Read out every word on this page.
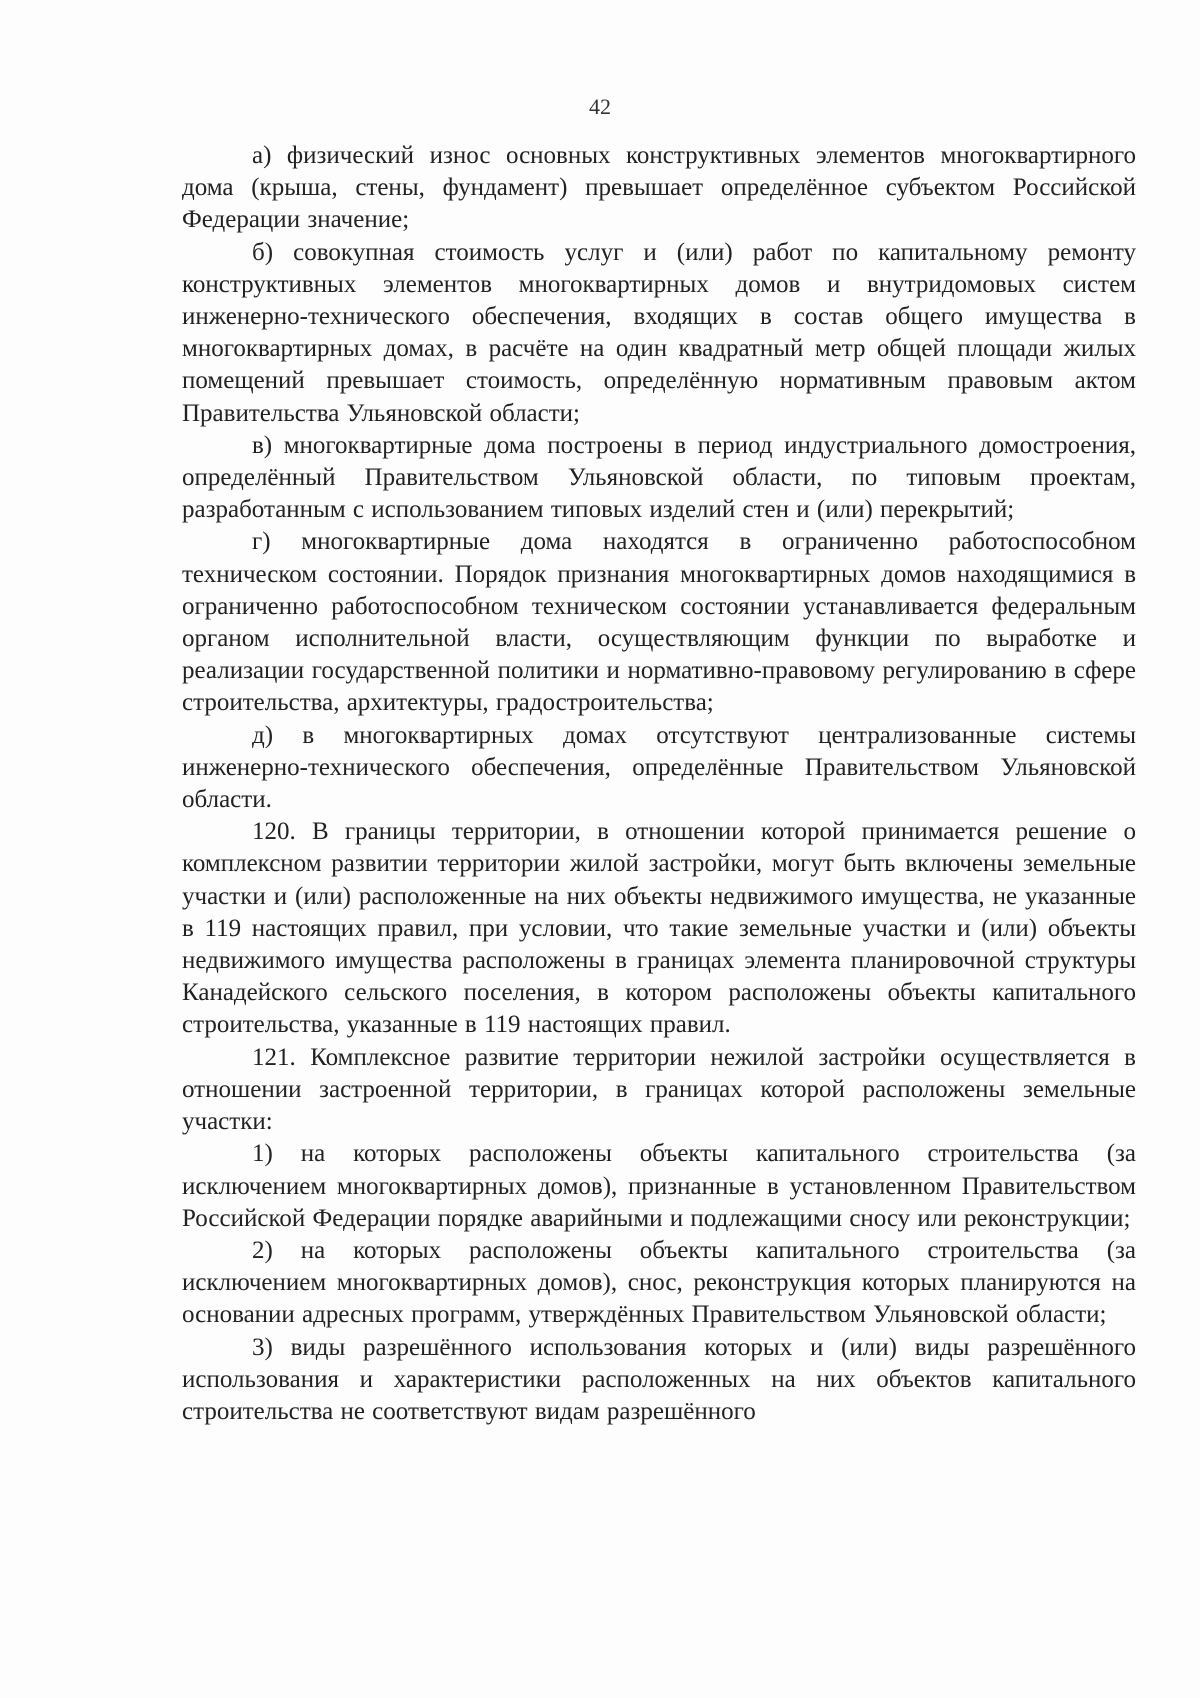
42

а) физический износ основных конструктивных элементов многоквартирного дома (крыша, стены, фундамент) превышает определённое субъектом Российской Федерации значение;

б) совокупная стоимость услуг и (или) работ по капитальному ремонту конструктивных элементов многоквартирных домов и внутридомовых систем инженерно-технического обеспечения, входящих в состав общего имущества в многоквартирных домах, в расчёте на один квадратный метр общей площади жилых помещений превышает стоимость, определённую нормативным правовым актом Правительства Ульяновской области;

в) многоквартирные дома построены в период индустриального домостроения, определённый Правительством Ульяновской области, по типовым проектам, разработанным с использованием типовых изделий стен и (или) перекрытий;

г) многоквартирные дома находятся в ограниченно работоспособном техническом состоянии. Порядок признания многоквартирных домов находящимися в ограниченно работоспособном техническом состоянии устанавливается федеральным органом исполнительной власти, осуществляющим функции по выработке и реализации государственной политики и нормативно-правовому регулированию в сфере строительства, архитектуры, градостроительства;

д) в многоквартирных домах отсутствуют централизованные системы инженерно-технического обеспечения, определённые Правительством Ульяновской области.

120. В границы территории, в отношении которой принимается решение о комплексном развитии территории жилой застройки, могут быть включены земельные участки и (или) расположенные на них объекты недвижимого имущества, не указанные в 119 настоящих правил, при условии, что такие земельные участки и (или) объекты недвижимого имущества расположены в границах элемента планировочной структуры Канадейского сельского поселения, в котором расположены объекты капитального строительства, указанные в 119 настоящих правил.

121. Комплексное развитие территории нежилой застройки осуществляется в отношении застроенной территории, в границах которой расположены земельные участки:

1) на которых расположены объекты капитального строительства (за исключением многоквартирных домов), признанные в установленном Правительством Российской Федерации порядке аварийными и подлежащими сносу или реконструкции;

2) на которых расположены объекты капитального строительства (за исключением многоквартирных домов), снос, реконструкция которых планируются на основании адресных программ, утверждённых Правительством Ульяновской области;

3) виды разрешённого использования которых и (или) виды разрешённого использования и характеристики расположенных на них объектов капитального строительства не соответствуют видам разрешённого
